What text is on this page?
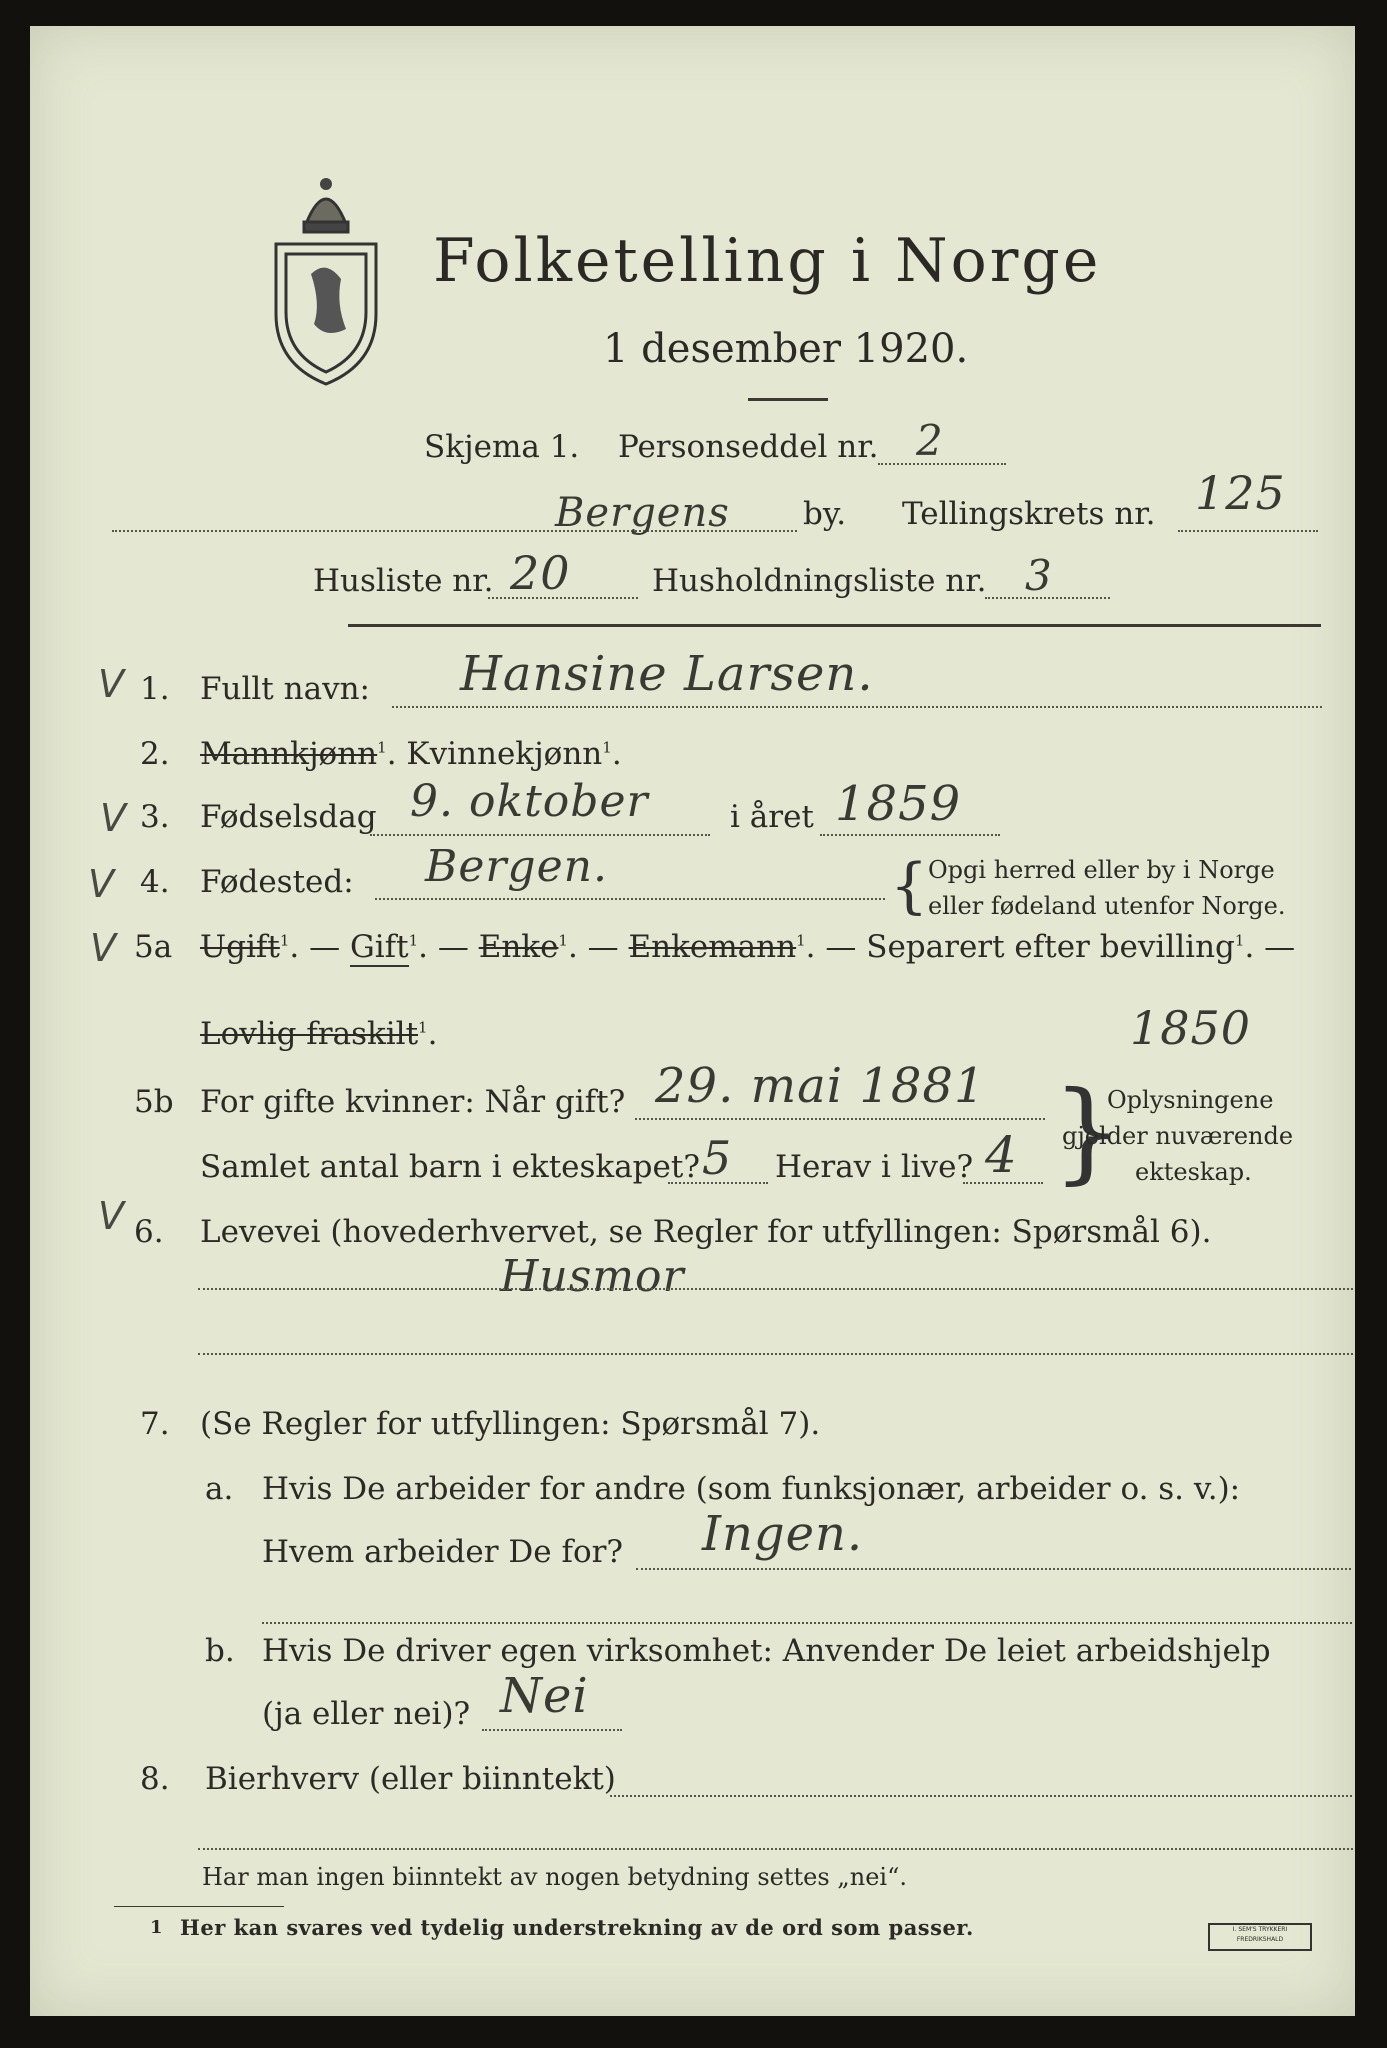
Folketelling i Norge
1 desember 1920.
Skjema 1. Personseddel nr. 2
Bergens by. Tellingskrets nr. 125
Husliste nr. 20	Husholdningsliste nr. 3
V
V
V
V
V
1. Fullt navn: Hansine Larsen.
2. Mannkjønn$^1$. Kvinnekjønn$^1$.
3. Fødselsdag 9. oktober	i året 1859
4. Fødested: Bergen.	{ Opgi herred eller by i Norge
eller fødeland utenfor Norge.
5a Ugift$^1$. — Gift$^1$. — Enke$^1$. — Enkemann$^1$. — Separert efter bevilling$^1$. —
Lovlig fraskilt$^1$.	1850
5b For gifte kvinner: Når gift? 29. mai 1881
Samlet antal barn i ekteskapet? 5 Herav i live? 4 }
Oplysningene
gjelder nuværende
ekteskap.
6. Levevei (hovederhvervet, se Regler for utfyllingen: Spørsmål 6).
Husmor
7. (Se Regler for utfyllingen: Spørsmål 7).
a. Hvis De arbeider for andre (som funksjonær, arbeider o. s. v.):
Hvem arbeider De for? Ingen.
b. Hvis De driver egen virksomhet: Anvender De leiet arbeidshjelp
(ja eller nei)? Nei
8. Bierhverv (eller biinntekt)
Har man ingen biinntekt av nogen betydning settes „nei“.
1 Her kan svares ved tydelig understrekning av de ord som passer.	I. SEM'S TRYKKERI FREDRIKSHALD
